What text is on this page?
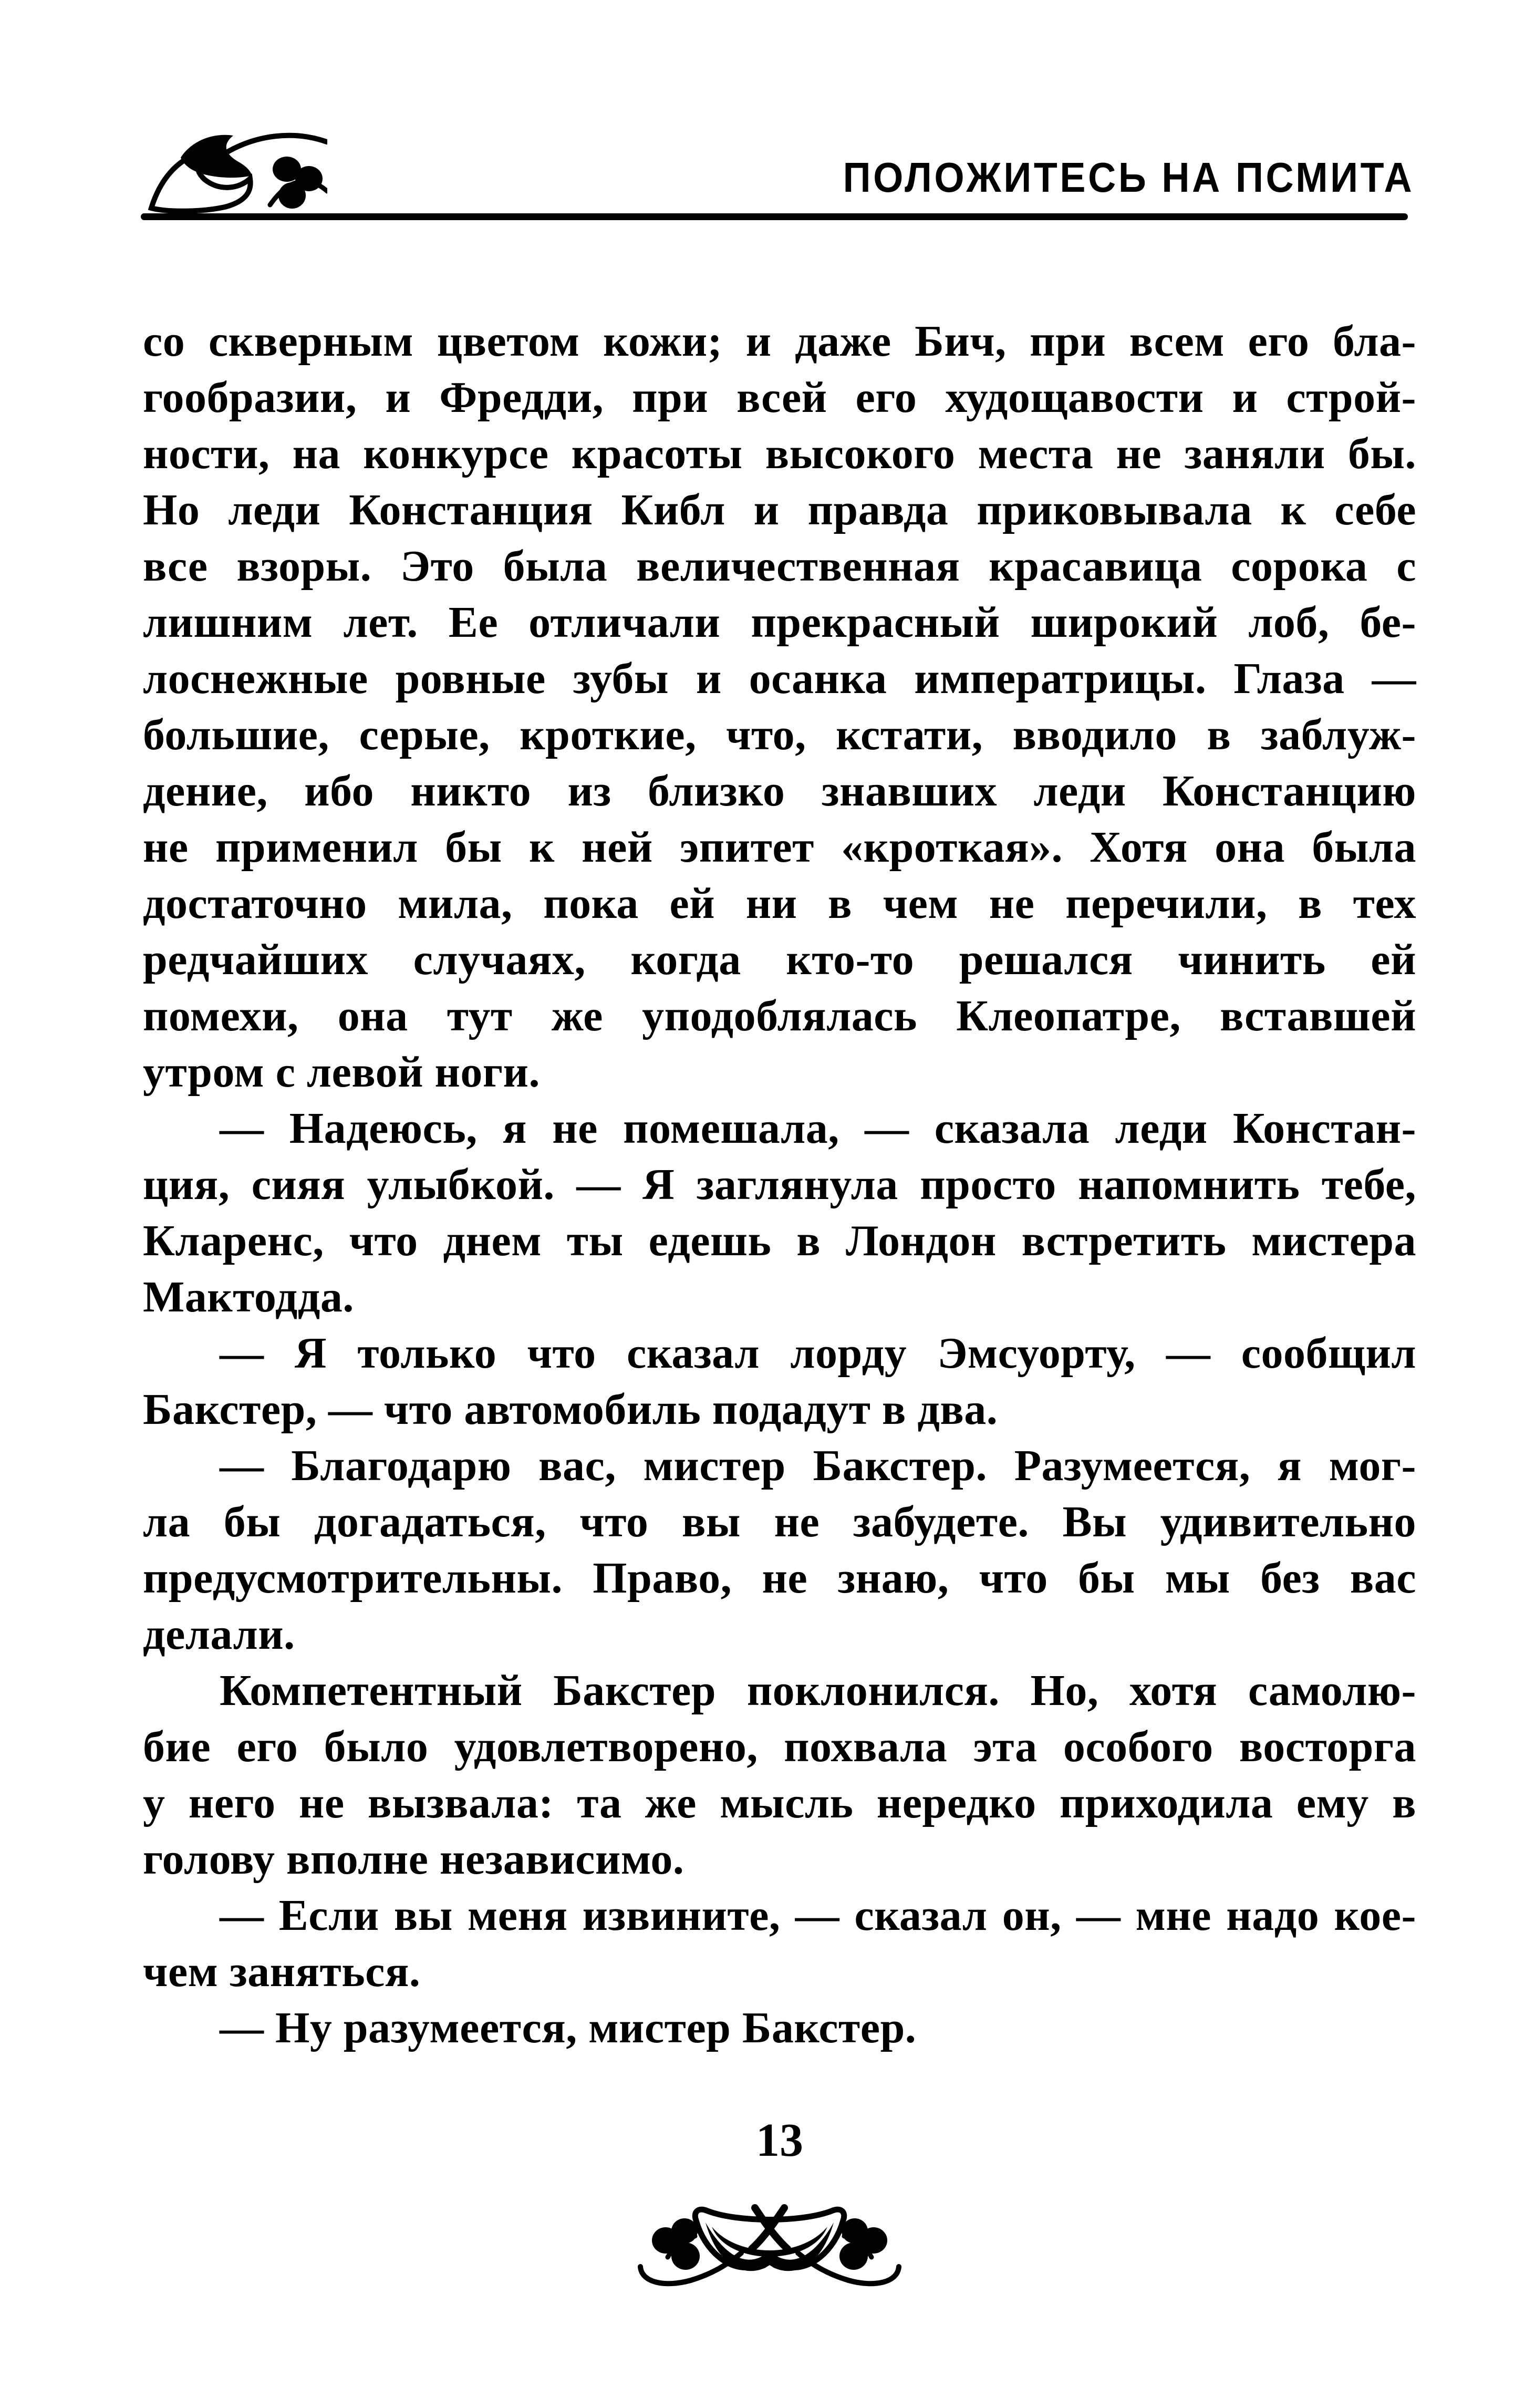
ПОЛОЖИТЕСЬ НА ПСМИТА
со скверным цветом кожи; и даже Бич, при всем его бла-
гообразии, и Фредди, при всей его худощавости и строй-
ности, на конкурсе красоты высокого места не заняли бы.
Но леди Констанция Кибл и правда приковывала к себе
все взоры. Это была величественная красавица сорока с
лишним лет. Ее отличали прекрасный широкий лоб, бе-
лоснежные ровные зубы и осанка императрицы. Глаза —
большие, серые, кроткие, что, кстати, вводило в заблуж-
дение, ибо никто из близко знавших леди Констанцию
не применил бы к ней эпитет «кроткая». Хотя она была
достаточно мила, пока ей ни в чем не перечили, в тех
редчайших случаях, когда кто-то решался чинить ей
помехи, она тут же уподоблялась Клеопатре, вставшей
утром с левой ноги.
— Надеюсь, я не помешала, — сказала леди Констан-
ция, сияя улыбкой. — Я заглянула просто напомнить тебе,
Кларенс, что днем ты едешь в Лондон встретить мистера
Мактодда.
— Я только что сказал лорду Эмсуорту, — сообщил
Бакстер, — что автомобиль подадут в два.
— Благодарю вас, мистер Бакстер. Разумеется, я мог-
ла бы догадаться, что вы не забудете. Вы удивительно
предусмотрительны. Право, не знаю, что бы мы без вас
делали.
Компетентный Бакстер поклонился. Но, хотя самолю-
бие его было удовлетворено, похвала эта особого восторга
у него не вызвала: та же мысль нередко приходила ему в
голову вполне независимо.
— Если вы меня извините, — сказал он, — мне надо кое-
чем заняться.
— Ну разумеется, мистер Бакстер.
13
